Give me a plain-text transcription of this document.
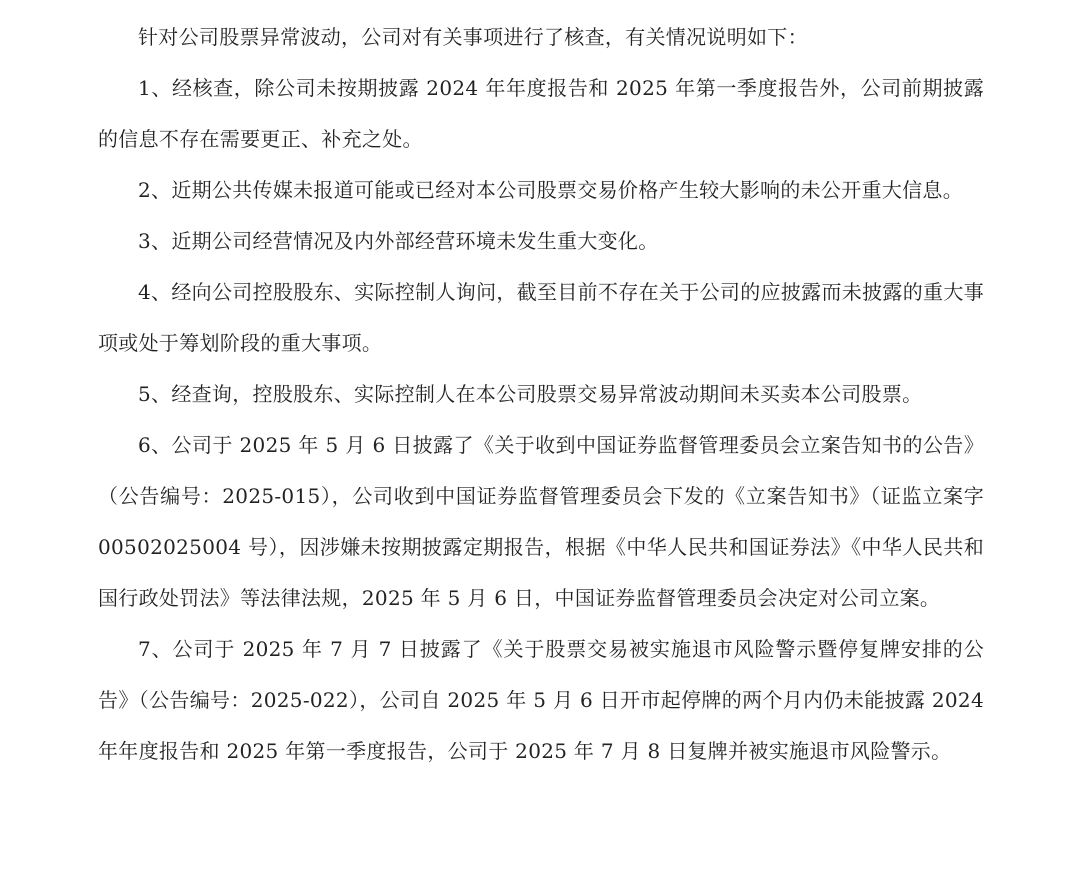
针对公司股票异常波动，公司对有关事项进行了核查，有关情况说明如下：

1、经核查，除公司未按期披露 2024 年年度报告和 2025 年第一季度报告外，公司前期披露的信息不存在需要更正、补充之处。

2、近期公共传媒未报道可能或已经对本公司股票交易价格产生较大影响的未公开重大信息。

3、近期公司经营情况及内外部经营环境未发生重大变化。

4、经向公司控股股东、实际控制人询问，截至目前不存在关于公司的应披露而未披露的重大事项或处于筹划阶段的重大事项。

5、经查询，控股股东、实际控制人在本公司股票交易异常波动期间未买卖本公司股票。

6、公司于 2025 年 5 月 6 日披露了《关于收到中国证券监督管理委员会立案告知书的公告》（公告编号：2025-015），公司收到中国证券监督管理委员会下发的《立案告知书》（证监立案字 00502025004 号），因涉嫌未按期披露定期报告，根据《中华人民共和国证券法》《中华人民共和国行政处罚法》等法律法规，2025 年 5 月 6 日，中国证券监督管理委员会决定对公司立案。

7、公司于 2025 年 7 月 7 日披露了《关于股票交易被实施退市风险警示暨停复牌安排的公告》（公告编号：2025-022），公司自 2025 年 5 月 6 日开市起停牌的两个月内仍未能披露 2024 年年度报告和 2025 年第一季度报告，公司于 2025 年 7 月 8 日复牌并被实施退市风险警示。
